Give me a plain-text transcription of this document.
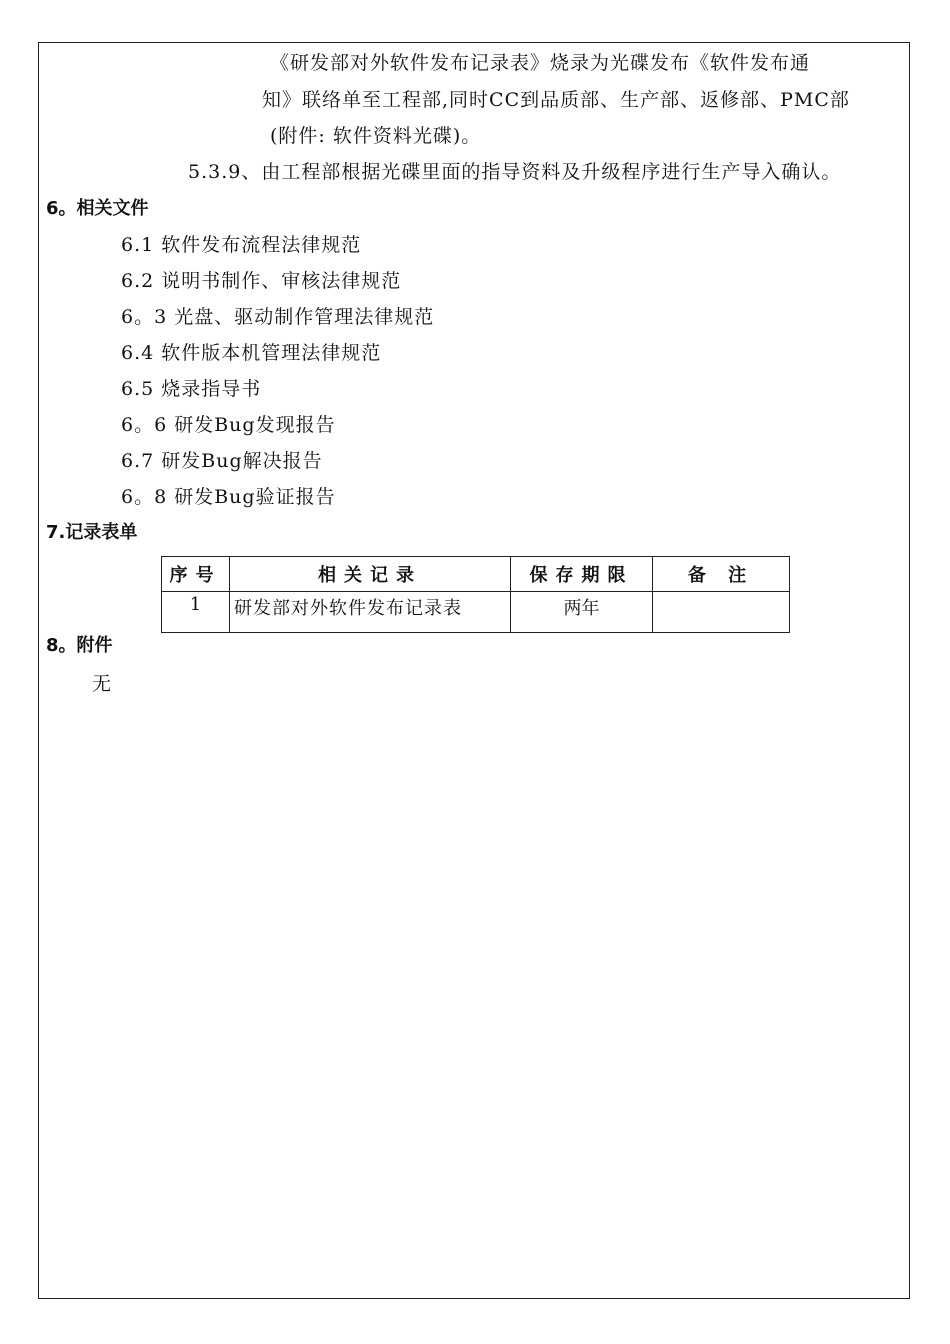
《研发部对外软件发布记录表》烧录为光碟发布《软件发布通
知》联络单至工程部,同时CC到品质部、生产部、返修部、PMC部
(附件: 软件资料光碟)。
5.3.9、由工程部根据光碟里面的指导资料及升级程序进行生产导入确认。
6。相关文件
6.1 软件发布流程法律规范
6.2 说明书制作、审核法律规范
6。3 光盘、驱动制作管理法律规范
6.4 软件版本机管理法律规范
6.5 烧录指导书
6。6 研发Bug发现报告
6.7 研发Bug解决报告
6。8 研发Bug验证报告
7.记录表单
序号	相关记录	保存期限	备 注
1	研发部对外软件发布记录表	两年	
8。附件
无
